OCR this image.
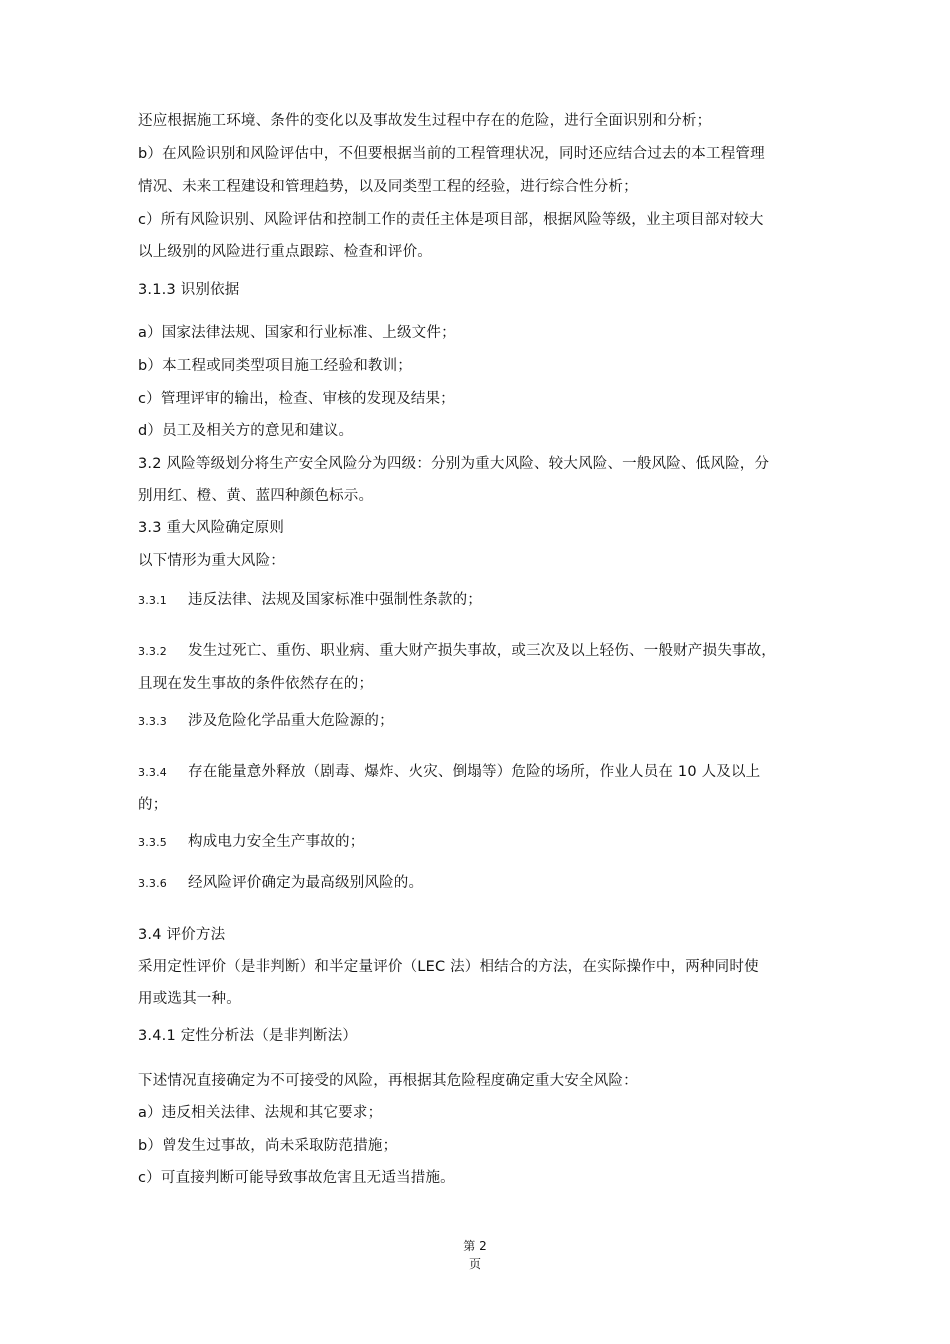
还应根据施工环境、条件的变化以及事故发生过程中存在的危险，进行全面识别和分析；
b）在风险识别和风险评估中，不但要根据当前的工程管理状况，同时还应结合过去的本工程管理
情况、未来工程建设和管理趋势，以及同类型工程的经验，进行综合性分析；
c）所有风险识别、风险评估和控制工作的责任主体是项目部，根据风险等级，业主项目部对较大
以上级别的风险进行重点跟踪、检查和评价。
3.1.3 识别依据
a）国家法律法规、国家和行业标准、上级文件；
b）本工程或同类型项目施工经验和教训；
c）管理评审的输出，检查、审核的发现及结果；
d）员工及相关方的意见和建议。
3.2 风险等级划分将生产安全风险分为四级：分别为重大风险、较大风险、一般风险、低风险，分
别用红、橙、黄、蓝四种颜色标示。
3.3 重大风险确定原则
以下情形为重大风险：
3.3.1 违反法律、法规及国家标准中强制性条款的；
3.3.2 发生过死亡、重伤、职业病、重大财产损失事故，或三次及以上轻伤、一般财产损失事故，
且现在发生事故的条件依然存在的；
3.3.3 涉及危险化学品重大危险源的；
3.3.4 存在能量意外释放（剧毒、爆炸、火灾、倒塌等）危险的场所，作业人员在 10 人及以上
的；
3.3.5 构成电力安全生产事故的；
3.3.6 经风险评价确定为最高级别风险的。
3.4 评价方法
采用定性评价（是非判断）和半定量评价（LEC 法）相结合的方法，在实际操作中，两种同时使
用或选其一种。
3.4.1 定性分析法（是非判断法）
下述情况直接确定为不可接受的风险，再根据其危险程度确定重大安全风险：
a）违反相关法律、法规和其它要求；
b）曾发生过事故，尚未采取防范措施；
c）可直接判断可能导致事故危害且无适当措施。
第 2
页
